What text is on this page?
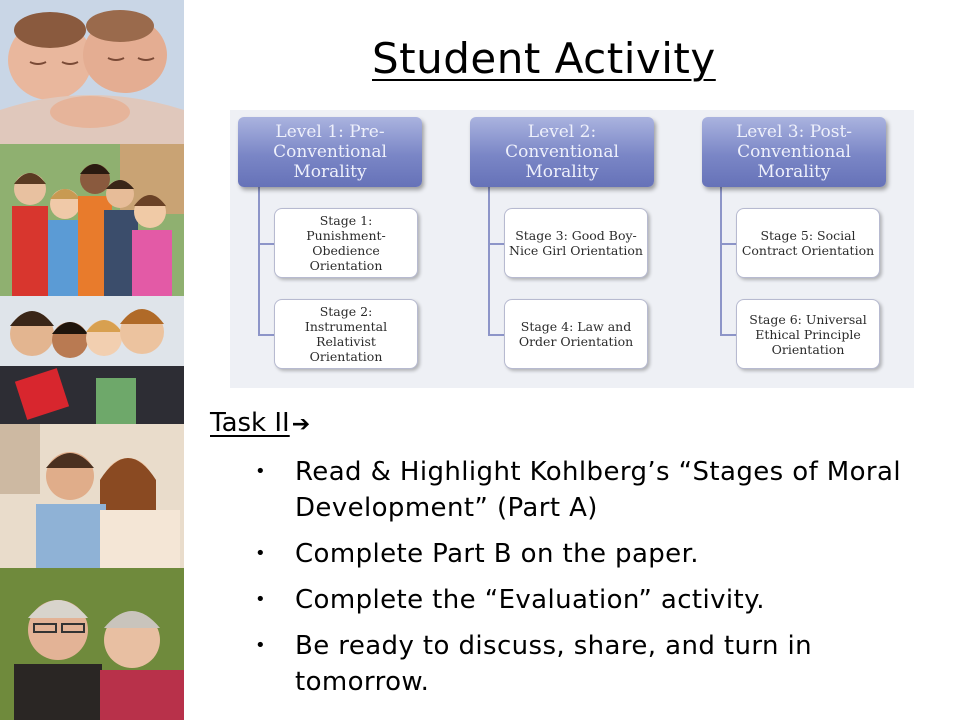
Student Activity
Level 1: Pre-Conventional Morality
Level 2: Conventional Morality
Level 3: Post-Conventional Morality
Stage 1: Punishment-Obedience Orientation
Stage 2: Instrumental Relativist Orientation
Stage 3: Good Boy-Nice Girl Orientation
Stage 4: Law and Order Orientation
Stage 5: Social Contract Orientation
Stage 6: Universal Ethical Principle Orientation
Task II➔
• Read & Highlight Kohlberg’s “Stages of Moral Development” (Part A)
• Complete Part B on the paper.
• Complete the “Evaluation” activity.
• Be ready to discuss, share, and turn in tomorrow.
